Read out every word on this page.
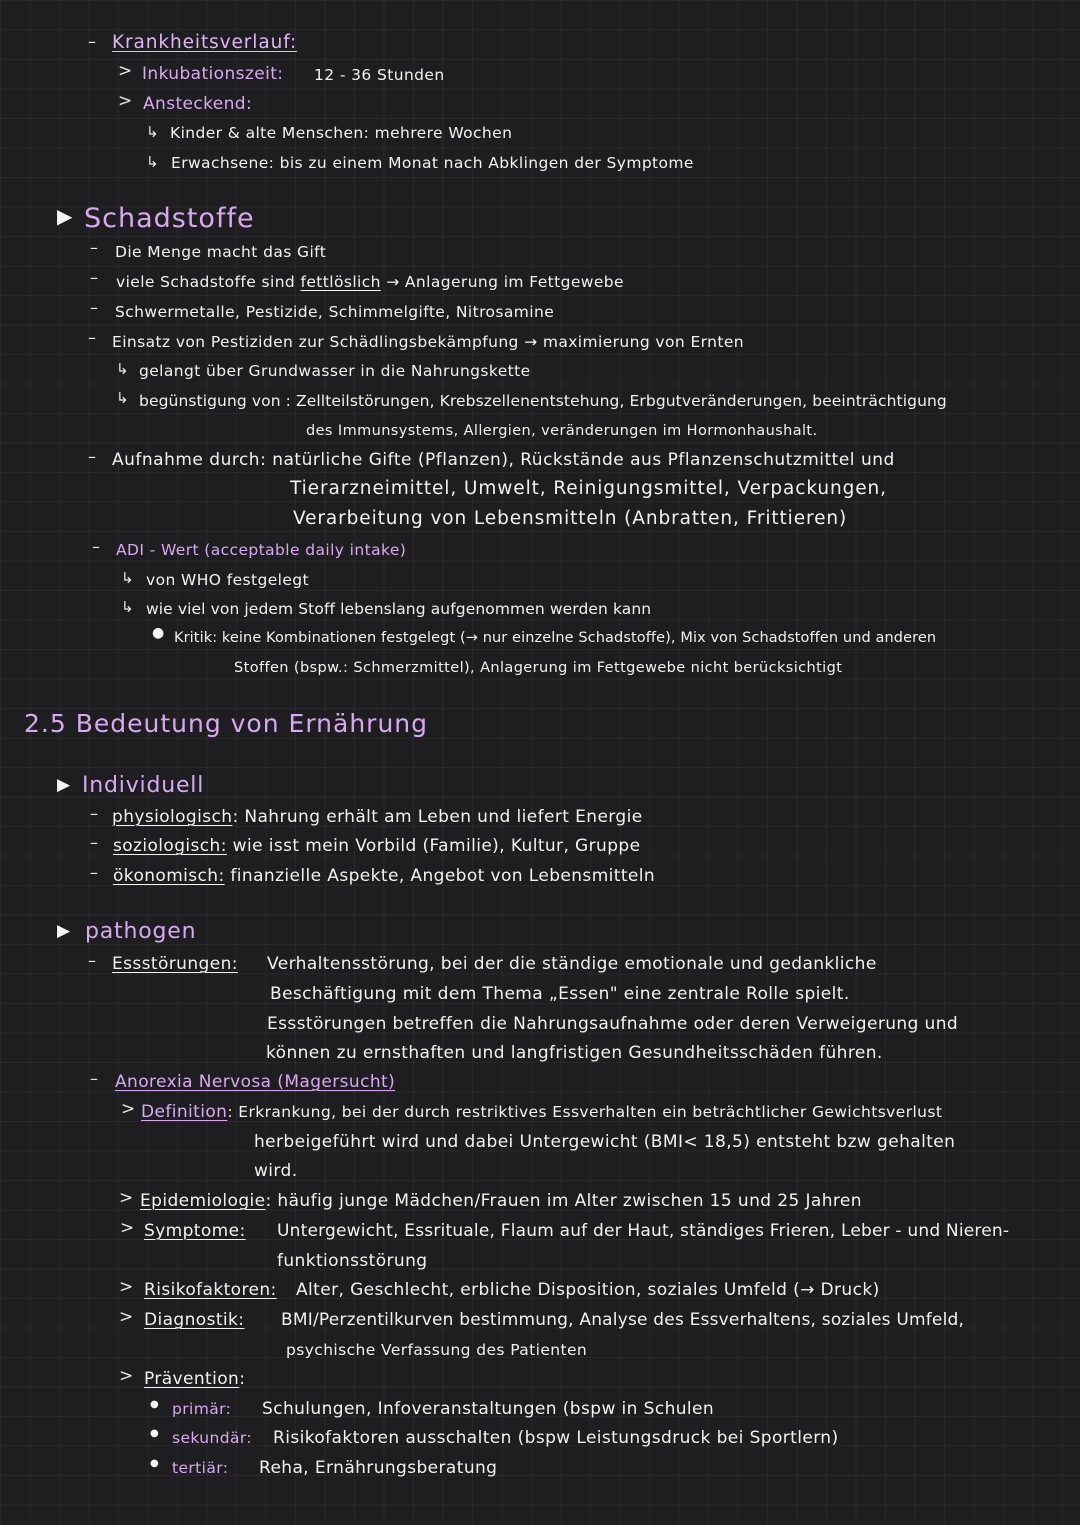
– Krankheitsverlauf:
> Inkubationszeit: 12 - 36 Stunden
> Ansteckend:
↳ Kinder & alte Menschen: mehrere Wochen
↳ Erwachsene: bis zu einem Monat nach Abklingen der Symptome
▶ Schadstoffe
– Die Menge macht das Gift
– viele Schadstoffe sind fettlöslich → Anlagerung im Fettgewebe
– Schwermetalle, Pestizide, Schimmelgifte, Nitrosamine
– Einsatz von Pestiziden zur Schädlingsbekämpfung → maximierung von Ernten
↳ gelangt über Grundwasser in die Nahrungskette
↳ begünstigung von : Zellteilstörungen, Krebszellenentstehung, Erbgutveränderungen, beeinträchtigung
des Immunsystems, Allergien, veränderungen im Hormonhaushalt.
– Aufnahme durch: natürliche Gifte (Pflanzen), Rückstände aus Pflanzenschutzmittel und
Tierarzneimittel, Umwelt, Reinigungsmittel, Verpackungen,
Verarbeitung von Lebensmitteln (Anbratten, Frittieren)
– ADI - Wert (acceptable daily intake)
↳ von WHO festgelegt
↳ wie viel von jedem Stoff lebenslang aufgenommen werden kann
● Kritik: keine Kombinationen festgelegt (→ nur einzelne Schadstoffe), Mix von Schadstoffen und anderen
Stoffen (bspw.: Schmerzmittel), Anlagerung im Fettgewebe nicht berücksichtigt
2.5 Bedeutung von Ernährung
▶ Individuell
– physiologisch: Nahrung erhält am Leben und liefert Energie
– soziologisch: wie isst mein Vorbild (Familie), Kultur, Gruppe
– ökonomisch: finanzielle Aspekte, Angebot von Lebensmitteln
▶ pathogen
– Essstörungen: Verhaltensstörung, bei der die ständige emotionale und gedankliche
Beschäftigung mit dem Thema „Essen" eine zentrale Rolle spielt.
Essstörungen betreffen die Nahrungsaufnahme oder deren Verweigerung und
können zu ernsthaften und langfristigen Gesundheitsschäden führen.
– Anorexia Nervosa (Magersucht)
> Definition: Erkrankung, bei der durch restriktives Essverhalten ein beträchtlicher Gewichtsverlust
herbeigeführt wird und dabei Untergewicht (BMI< 18,5) entsteht bzw gehalten
wird.
> Epidemiologie: häufig junge Mädchen/Frauen im Alter zwischen 15 und 25 Jahren
> Symptome: Untergewicht, Essrituale, Flaum auf der Haut, ständiges Frieren, Leber - und Nieren-
funktionsstörung
> Risikofaktoren: Alter, Geschlecht, erbliche Disposition, soziales Umfeld (→ Druck)
> Diagnostik: BMI/Perzentilkurven bestimmung, Analyse des Essverhaltens, soziales Umfeld,
psychische Verfassung des Patienten
> Prävention:
● primär: Schulungen, Infoveranstaltungen (bspw in Schulen
● sekundär: Risikofaktoren ausschalten (bspw Leistungsdruck bei Sportlern)
● tertiär: Reha, Ernährungsberatung
